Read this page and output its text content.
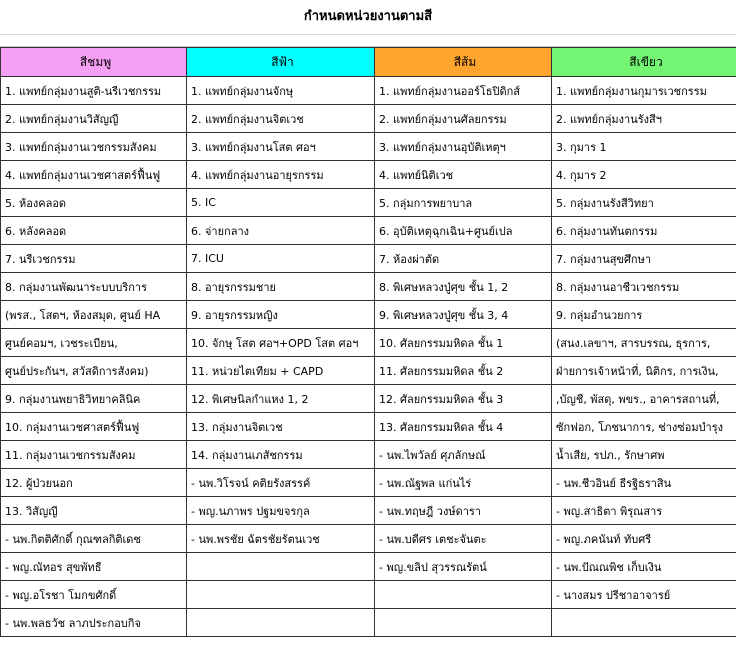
กำหนดหน่วยงานตามสี
สีชมพู	สีฟ้า	สีส้ม	สีเขียว
1. แพทย์กลุ่มงานสูติ-นรีเวชกรรม	1. แพทย์กลุ่มงานจักษุ	1. แพทย์กลุ่มงานออร์โธปิดิกส์	1. แพทย์กลุ่มงานกุมารเวชกรรม
2. แพทย์กลุ่มงานวิสัญญี	2. แพทย์กลุ่มงานจิตเวช	2. แพทย์กลุ่มงานศัลยกรรม	2. แพทย์กลุ่มงานรังสีฯ
3. แพทย์กลุ่มงานเวชกรรมสังคม	3. แพทย์กลุ่มงานโสต ศอฯ	3. แพทย์กลุ่มงานอุบัติเหตุฯ	3. กุมาร 1
4. แพทย์กลุ่มงานเวชศาสตร์ฟื้นฟู	4. แพทย์กลุ่มงานอายุรกรรม	4. แพทย์นิติเวช	4. กุมาร 2
5. ห้องคลอด	5. IC	5. กลุ่มการพยาบาล	5. กลุ่มงานรังสีวิทยา
6. หลังคลอด	6. จ่ายกลาง	6. อุบัติเหตุฉุกเฉิน+ศูนย์เปล	6. กลุ่มงานทันตกรรม
7. นรีเวชกรรม	7. ICU	7. ห้องผ่าตัด	7. กลุ่มงานสุขศึกษา
8. กลุ่มงานพัฒนาระบบบริการ	8. อายุรกรรมชาย	8. พิเศษหลวงปู่ศุข ชั้น 1, 2	8. กลุ่มงานอาชีวเวชกรรม
(พรส., โสตฯ, ห้องสมุด, ศูนย์ HA	9. อายุรกรรมหญิง	9. พิเศษหลวงปู่ศุข ชั้น 3, 4	9. กลุ่มอำนวยการ
ศูนย์คอมฯ, เวชระเบียน,	10. จักษุ โสต ศอฯ+OPD โสต ศอฯ	10. ศัลยกรรมมหิดล ชั้น 1	(สนง.เลขาฯ, สารบรรณ, ธุรการ,
ศูนย์ประกันฯ, สวัสดิการสังคม)	11. หน่วยไตเทียม + CAPD	11. ศัลยกรรมมหิดล ชั้น 2	ฝ่ายการเจ้าหน้าที่, นิติกร, การเงิน,
9. กลุ่มงานพยาธิวิทยาคลินิค	12. พิเศษนิลกำแหง 1, 2	12. ศัลยกรรมมหิดล ชั้น 3	,บัญชี, พัสดุ, พขร., อาคารสถานที่,
10. กลุ่มงานเวชศาสตร์ฟื้นฟู	13. กลุ่มงานจิตเวช	13. ศัลยกรรมมหิดล ชั้น 4	ซักฟอก, โภชนาการ, ช่างซ่อมบำรุง
11. กลุ่มงานเวชกรรมสังคม	14. กลุ่มงานเภสัชกรรม	- นพ.ไพวัลย์ ศุภลักษณ์	น้ำเสีย, รปภ., รักษาศพ
12. ผู้ป่วยนอก	- นพ.วิโรจน์ คติยรังสรรค์	- นพ.ณัฐพล แก่นไร่	- นพ.ชีวอินย์ ธีรฐิธราสิน
13. วิสัญญี	- พญ.นภาพร ปฐมขจรกุล	- นพ.ทฤษฎี วงษ์ดารา	- พญ.สาธิตา พิรุณสาร
- นพ.กิตติศักดิ์ กุณฑลกิติเดช	- นพ.พรชัย ฉัตรชัยรัตนเวช	- นพ.บดีศร เตชะจันตะ	- พญ.ภคนันท์ ทับศรี
- พญ.ณัทอร สุขพัทธี		- พญ.ขลิป สุวรรณรัตน์	- นพ.ปัณณพิช เก็บเงิน
- พญ.อโรชา โมกขศักดิ์			- นางสมร ปรีชาอาจารย์
- นพ.พลธวัช ลาภประกอบกิจ			
